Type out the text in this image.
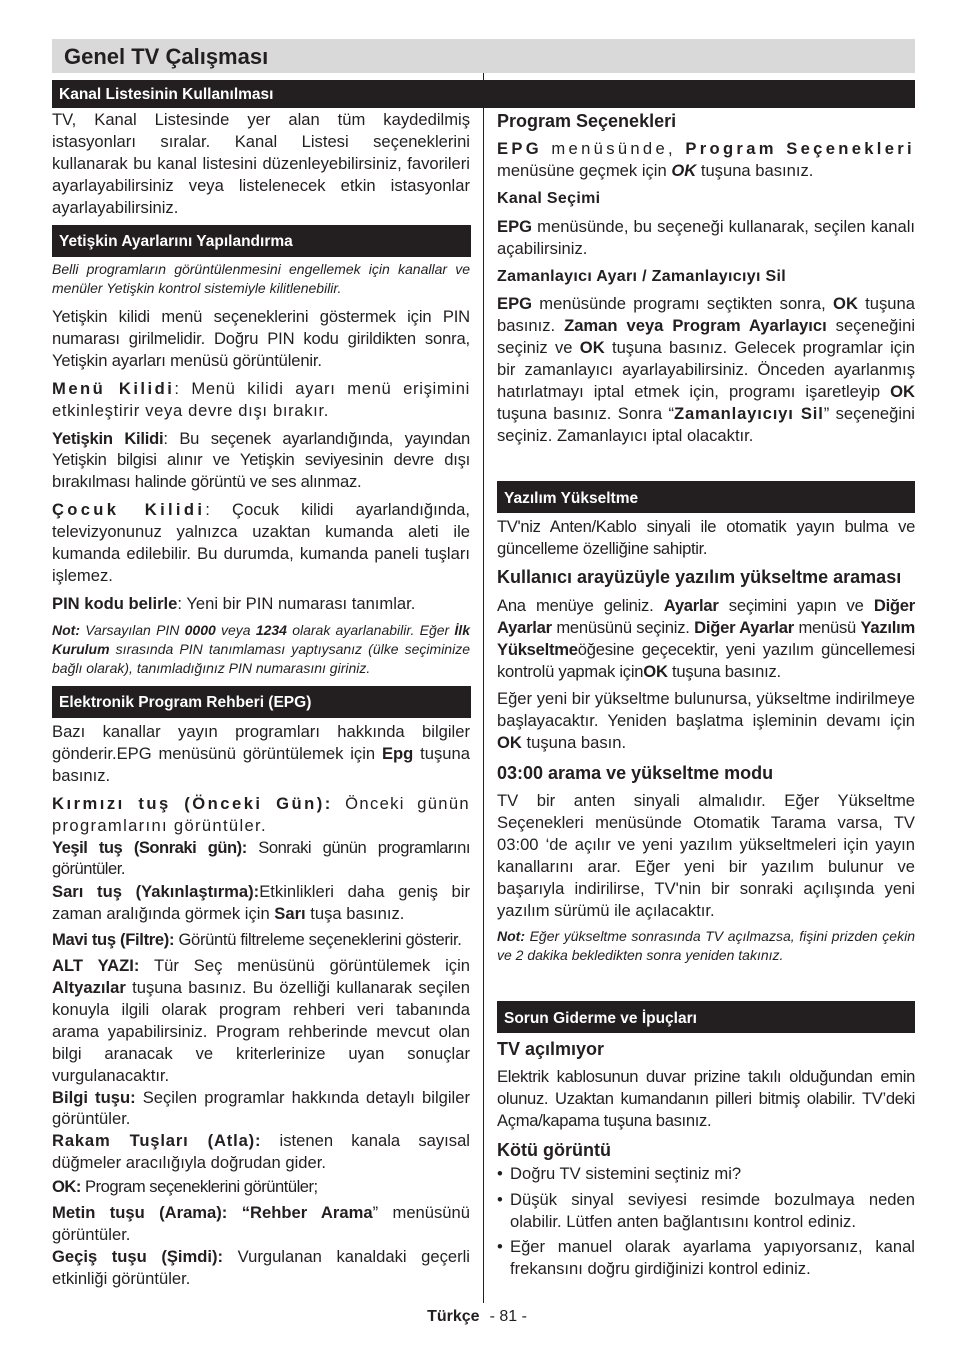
Genel TV Çalışması
Kanal Listesinin Kullanılması

TV, Kanal Listesinde yer alan tüm kaydedilmiş istasyonları sıralar. Kanal Listesi seçeneklerini kullanarak bu kanal listesini düzenleyebilirsiniz, favorileri ayarlayabilirsiniz veya listelenecek etkin istasyonlar ayarlayabilirsiniz.

Yetişkin Ayarlarını Yapılandırma

Belli programların görüntülenmesini engellemek için kanallar ve menüler Yetişkin kontrol sistemiyle kilitlenebilir.

Yetişkin kilidi menü seçeneklerini göstermek için PIN numarası girilmelidir. Doğru PIN kodu girildikten sonra, Yetişkin ayarları menüsü görüntülenir.

Menü Kilidi: Menü kilidi ayarı menü erişimini etkinleştirir veya devre dışı bırakır.

Yetişkin Kilidi: Bu seçenek ayarlandığında, yayından Yetişkin bilgisi alınır ve Yetişkin seviyesinin devre dışı bırakılması halinde görüntü ve ses alınmaz.

Çocuk Kilidi: Çocuk kilidi ayarlandığında, televizyonunuz yalnızca uzaktan kumanda aleti ile kumanda edilebilir. Bu durumda, kumanda paneli tuşları işlemez.

PIN kodu belirle: Yeni bir PIN numarası tanımlar.

Not: Varsayılan PIN 0000 veya 1234 olarak ayarlanabilir. Eğer İlk Kurulum sırasında PIN tanımlaması yaptıysanız (ülke seçiminize bağlı olarak), tanımladığınız PIN numarasını giriniz.

Elektronik Program Rehberi (EPG)

Bazı kanallar yayın programları hakkında bilgiler gönderir.EPG menüsünü görüntülemek için Epg tuşuna basınız.

Kırmızı tuş (Önceki Gün): Önceki günün programlarını görüntüler.

Yeşil tuş (Sonraki gün): Sonraki günün programlarını görüntüler.

Sarı tuş (Yakınlaştırma):Etkinlikleri daha geniş bir zaman aralığında görmek için Sarı tuşa basınız.

Mavi tuş (Filtre): Görüntü filtreleme seçeneklerini gösterir.

ALT YAZI: Tür Seç menüsünü görüntülemek için Altyazılar tuşuna basınız. Bu özelliği kullanarak seçilen konuyla ilgili olarak program rehberi veri tabanında arama yapabilirsiniz. Program rehberinde mevcut olan bilgi aranacak ve kriterlerinize uyan sonuçlar vurgulanacaktır.

Bilgi tuşu: Seçilen programlar hakkında detaylı bilgiler görüntüler.

Rakam Tuşları (Atla): istenen kanala sayısal düğmeler aracılığıyla doğrudan gider.

OK: Program seçeneklerini görüntüler;

Metin tuşu (Arama): “Rehber Arama” menüsünü görüntüler.

Geçiş tuşu (Şimdi): Vurgulanan kanaldaki geçerli etkinliği görüntüler.

Program Seçenekleri

EPG menüsünde, Program Seçenekleri menüsüne geçmek için OK tuşuna basınız.

Kanal Seçimi

EPG menüsünde, bu seçeneği kullanarak, seçilen kanalı açabilirsiniz.

Zamanlayıcı Ayarı / Zamanlayıcıyı Sil

EPG menüsünde programı seçtikten sonra, OK tuşuna basınız. Zaman veya Program Ayarlayıcı seçeneğini seçiniz ve OK tuşuna basınız. Gelecek programlar için bir zamanlayıcı ayarlayabilirsiniz. Önceden ayarlanmış hatırlatmayı iptal etmek için, programı işaretleyip OK tuşuna basınız. Sonra “Zamanlayıcıyı Sil” seçeneğini seçiniz. Zamanlayıcı iptal olacaktır.

Yazılım Yükseltme

TV'niz Anten/Kablo sinyali ile otomatik yayın bulma ve güncelleme özelliğine sahiptir.

Kullanıcı arayüzüyle yazılım yükseltme araması

Ana menüye geliniz. Ayarlar seçimini yapın ve Diğer Ayarlar menüsünü seçiniz. Diğer Ayarlar menüsü Yazılım Yükseltmeöğesine geçecektir, yeni yazılım güncellemesi kontrolü yapmak içinOK tuşuna basınız.

Eğer yeni bir yükseltme bulunursa, yükseltme indirilmeye başlayacaktır. Yeniden başlatma işleminin devamı için OK tuşuna basın.

03:00 arama ve yükseltme modu

TV bir anten sinyali almalıdır. Eğer Yükseltme Seçenekleri menüsünde Otomatik Tarama varsa, TV 03:00 ‘de açılır ve yeni yazılım yükseltmeleri için yayın kanallarını arar. Eğer yeni bir yazılım bulunur ve başarıyla indirilirse, TV'nin bir sonraki açılışında yeni yazılım sürümü ile açılacaktır.

Not: Eğer yükseltme sonrasında TV açılmazsa, fişini prizden çekin ve 2 dakika bekledikten sonra yeniden takınız.

Sorun Giderme ve İpuçları

TV açılmıyor

Elektrik kablosunun duvar prizine takılı olduğundan emin olunuz. Uzaktan kumandanın pilleri bitmiş olabilir. TV’deki Açma/kapama tuşuna basınız.

Kötü görüntü

• Doğru TV sistemini seçtiniz mi?
• Düşük sinyal seviyesi resimde bozulmaya neden olabilir. Lütfen anten bağlantısını kontrol ediniz.
• Eğer manuel olarak ayarlama yapıyorsanız, kanal frekansını doğru girdiğinizi kontrol ediniz.
Türkçe - 81 -
